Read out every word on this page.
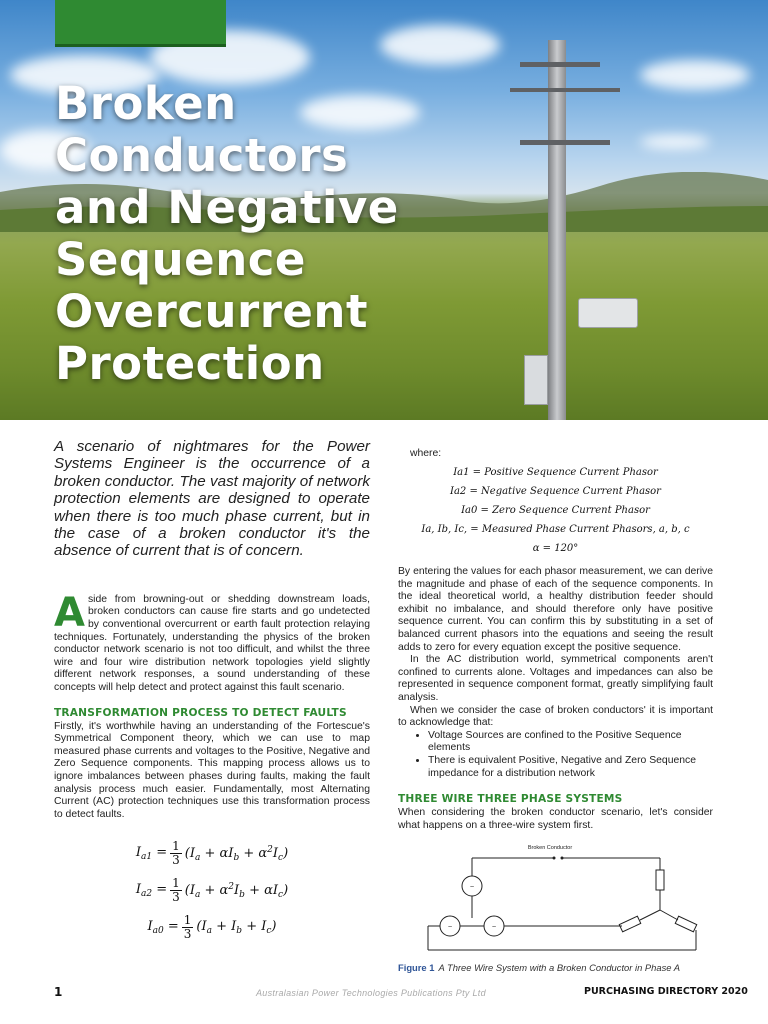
Broken
Conductors
and Negative
Sequence
Overcurrent
Protection

A scenario of nightmares for the Power Systems Engineer is the occurrence of a broken conductor. The vast majority of network protection elements are designed to operate when there is too much phase current, but in the case of a broken conductor it's the absence of current that is of concern.

Aside from browning-out or shedding downstream loads, broken conductors can cause fire starts and go undetected by conventional overcurrent or earth fault protection relaying techniques. Fortunately, understanding the physics of the broken conductor network scenario is not too difficult, and whilst the three wire and four wire distribution network topologies yield slightly different network responses, a sound understanding of these concepts will help detect and protect against this fault scenario.

TRANSFORMATION PROCESS TO DETECT FAULTS

Firstly, it's worthwhile having an understanding of the Fortescue's Symmetrical Component theory, which we can use to map measured phase currents and voltages to the Positive, Negative and Zero Sequence components. This mapping process allows us to ignore imbalances between phases during faults, making the fault analysis process much easier. Fundamentally, most Alternating Current (AC) protection techniques use this transformation process to detect faults.

$I_{a1} = \frac{1}{3} (I_a + \alpha I_b + \alpha^2I_c)$
$I_{a2} = \frac{1}{3} (I_a + \alpha^2I_b + \alpha I_c)$
$I_{a0} = \frac{1}{3} (I_a + I_b + I_c)$
where:
Ia1 = Positive Sequence Current Phasor
Ia2 = Negative Sequence Current Phasor
Ia0 = Zero Sequence Current Phasor
Ia, Ib, Ic, = Measured Phase Current Phasors, a, b, c
α = 120°

By entering the values for each phasor measurement, we can derive the magnitude and phase of each of the sequence components. In the ideal theoretical world, a healthy distribution feeder should exhibit no imbalance, and should therefore only have positive sequence current. You can confirm this by substituting in a set of balanced current phasors into the equations and seeing the result adds to zero for every equation except the positive sequence.

In the AC distribution world, symmetrical components aren't confined to currents alone. Voltages and impedances can also be represented in sequence component format, greatly simplifying fault analysis.

When we consider the case of broken conductors' it is important to acknowledge that:

• Voltage Sources are confined to the Positive Sequence elements
• There is equivalent Positive, Negative and Zero Sequence impedance for a distribution network
THREE WIRE THREE PHASE SYSTEMS

When considering the broken conductor scenario, let's consider what happens on a three-wire system first.

Broken Conductor
~
~	~
Figure 1 A Three Wire System with a Broken Conductor in Phase A
1	Australasian Power Technologies Publications Pty Ltd	PURCHASING DIRECTORY 2020
